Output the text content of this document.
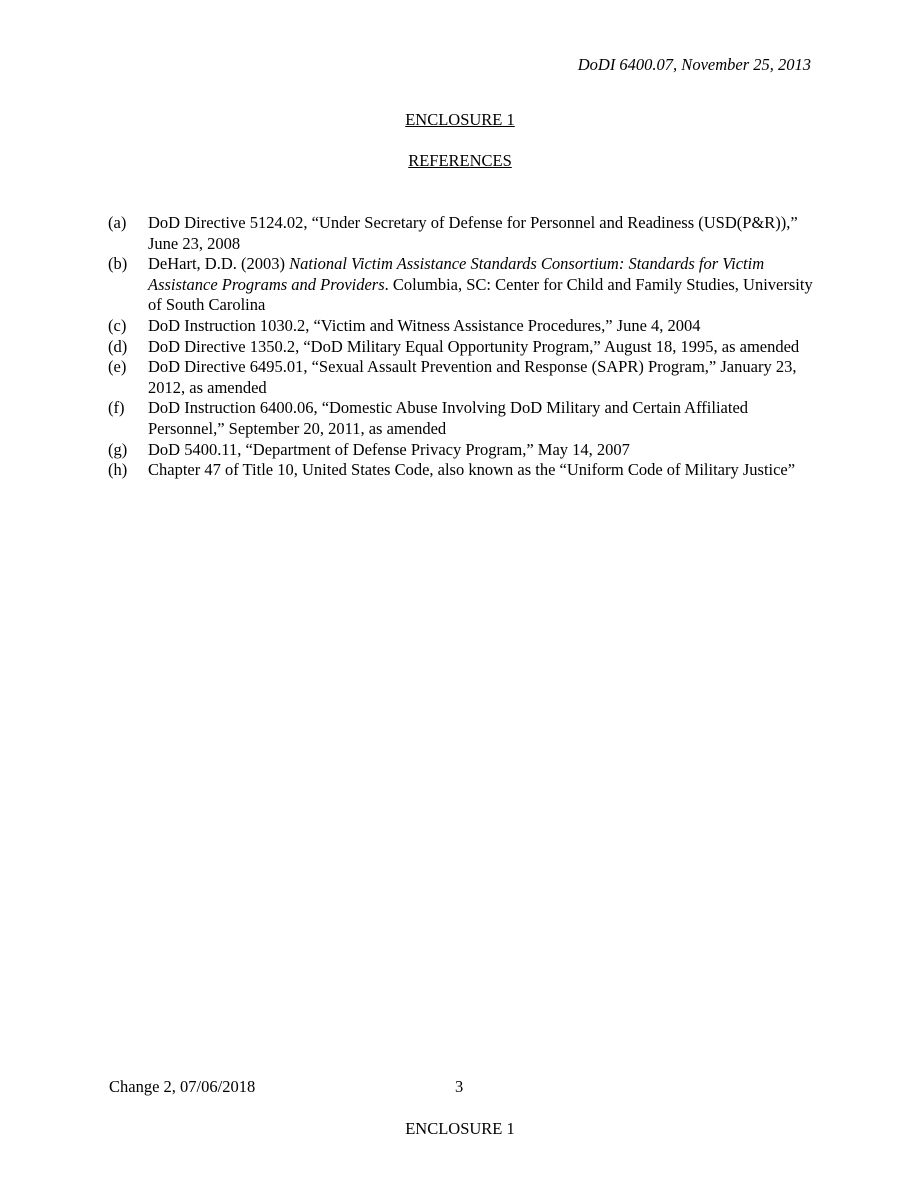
DoDI 6400.07, November 25, 2013
ENCLOSURE 1
REFERENCES
(a) DoD Directive 5124.02, “Under Secretary of Defense for Personnel and Readiness (USD(P&R)),” June 23, 2008
(b) DeHart, D.D. (2003) National Victim Assistance Standards Consortium: Standards for Victim Assistance Programs and Providers. Columbia, SC: Center for Child and Family Studies, University of South Carolina
(c) DoD Instruction 1030.2, “Victim and Witness Assistance Procedures,” June 4, 2004
(d) DoD Directive 1350.2, “DoD Military Equal Opportunity Program,” August 18, 1995, as amended
(e) DoD Directive 6495.01, “Sexual Assault Prevention and Response (SAPR) Program,” January 23, 2012, as amended
(f) DoD Instruction 6400.06, “Domestic Abuse Involving DoD Military and Certain Affiliated Personnel,” September 20, 2011, as amended
(g) DoD 5400.11, “Department of Defense Privacy Program,” May 14, 2007
(h) Chapter 47 of Title 10, United States Code, also known as the “Uniform Code of Military Justice”
Change 2, 07/06/2018	3
ENCLOSURE 1
